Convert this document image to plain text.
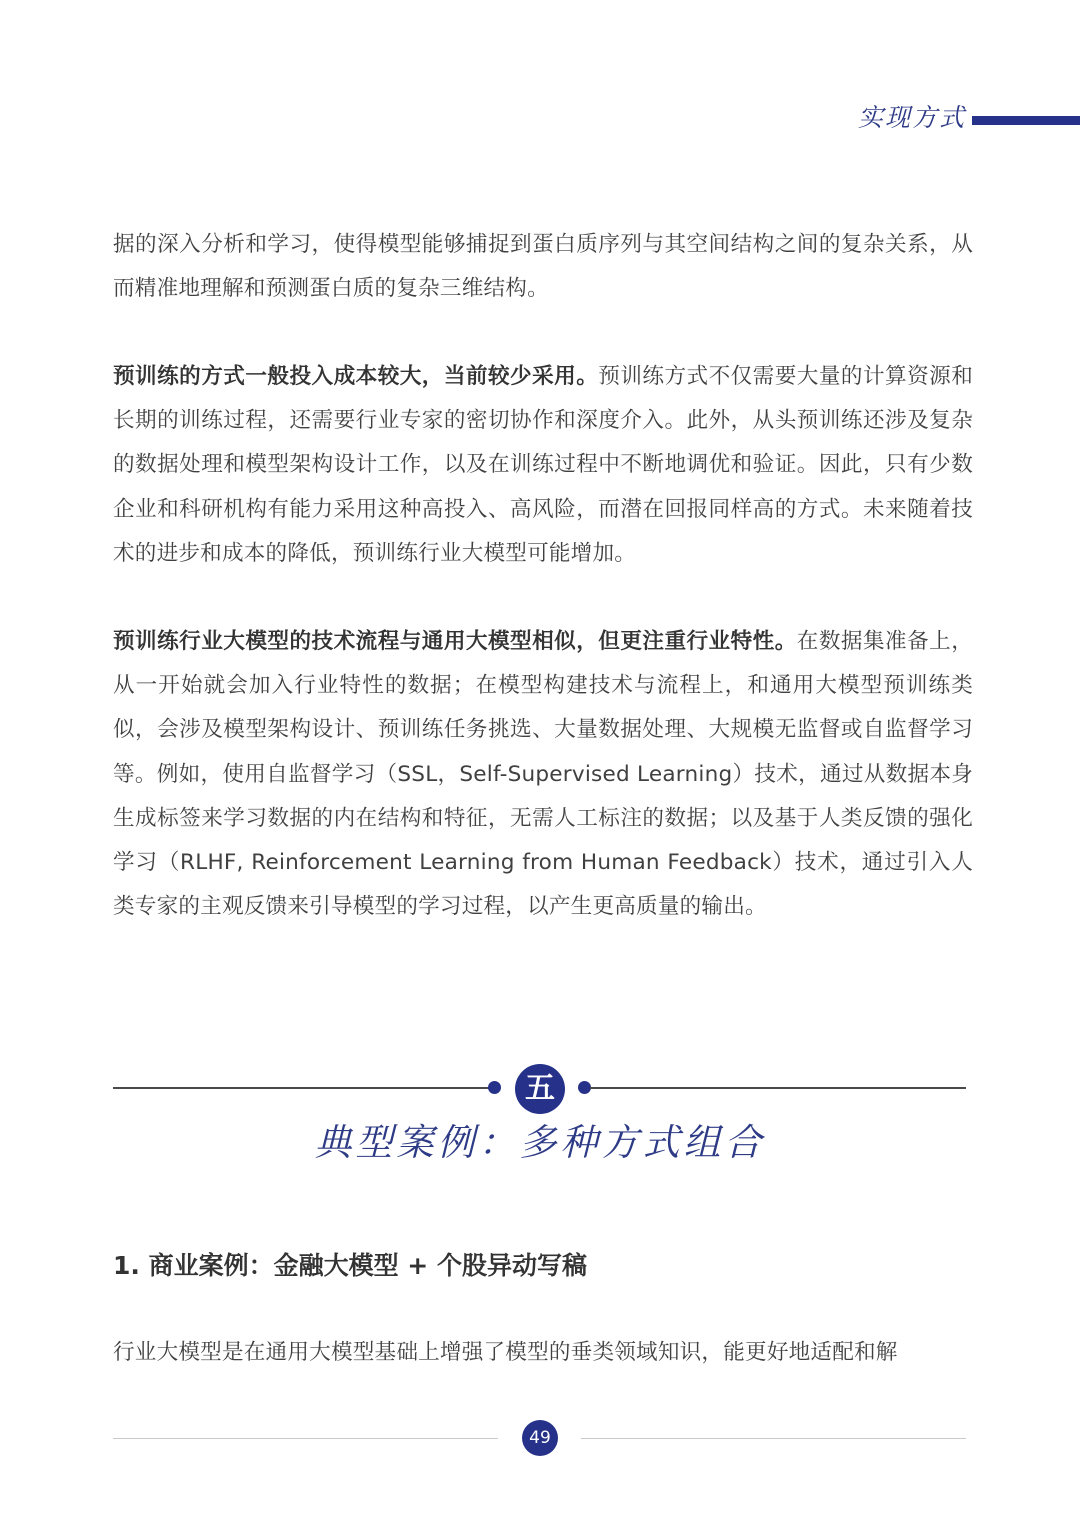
实现方式
据的深入分析和学习，使得模型能够捕捉到蛋白质序列与其空间结构之间的复杂关系，从而精准地理解和预测蛋白质的复杂三维结构。
预训练的方式一般投入成本较大，当前较少采用。预训练方式不仅需要大量的计算资源和长期的训练过程，还需要行业专家的密切协作和深度介入。此外，从头预训练还涉及复杂的数据处理和模型架构设计工作，以及在训练过程中不断地调优和验证。因此，只有少数企业和科研机构有能力采用这种高投入、高风险，而潜在回报同样高的方式。未来随着技术的进步和成本的降低，预训练行业大模型可能增加。
预训练行业大模型的技术流程与通用大模型相似，但更注重行业特性。在数据集准备上，从一开始就会加入行业特性的数据；在模型构建技术与流程上，和通用大模型预训练类似，会涉及模型架构设计、预训练任务挑选、大量数据处理、大规模无监督或自监督学习等。例如，使用自监督学习（SSL，Self-Supervised Learning）技术，通过从数据本身生成标签来学习数据的内在结构和特征，无需人工标注的数据；以及基于人类反馈的强化学习（RLHF, Reinforcement Learning from Human Feedback）技术，通过引入人类专家的主观反馈来引导模型的学习过程，以产生更高质量的输出。
五
典型案例：多种方式组合
1. 商业案例：金融大模型 + 个股异动写稿
行业大模型是在通用大模型基础上增强了模型的垂类领域知识，能更好地适配和解
49
